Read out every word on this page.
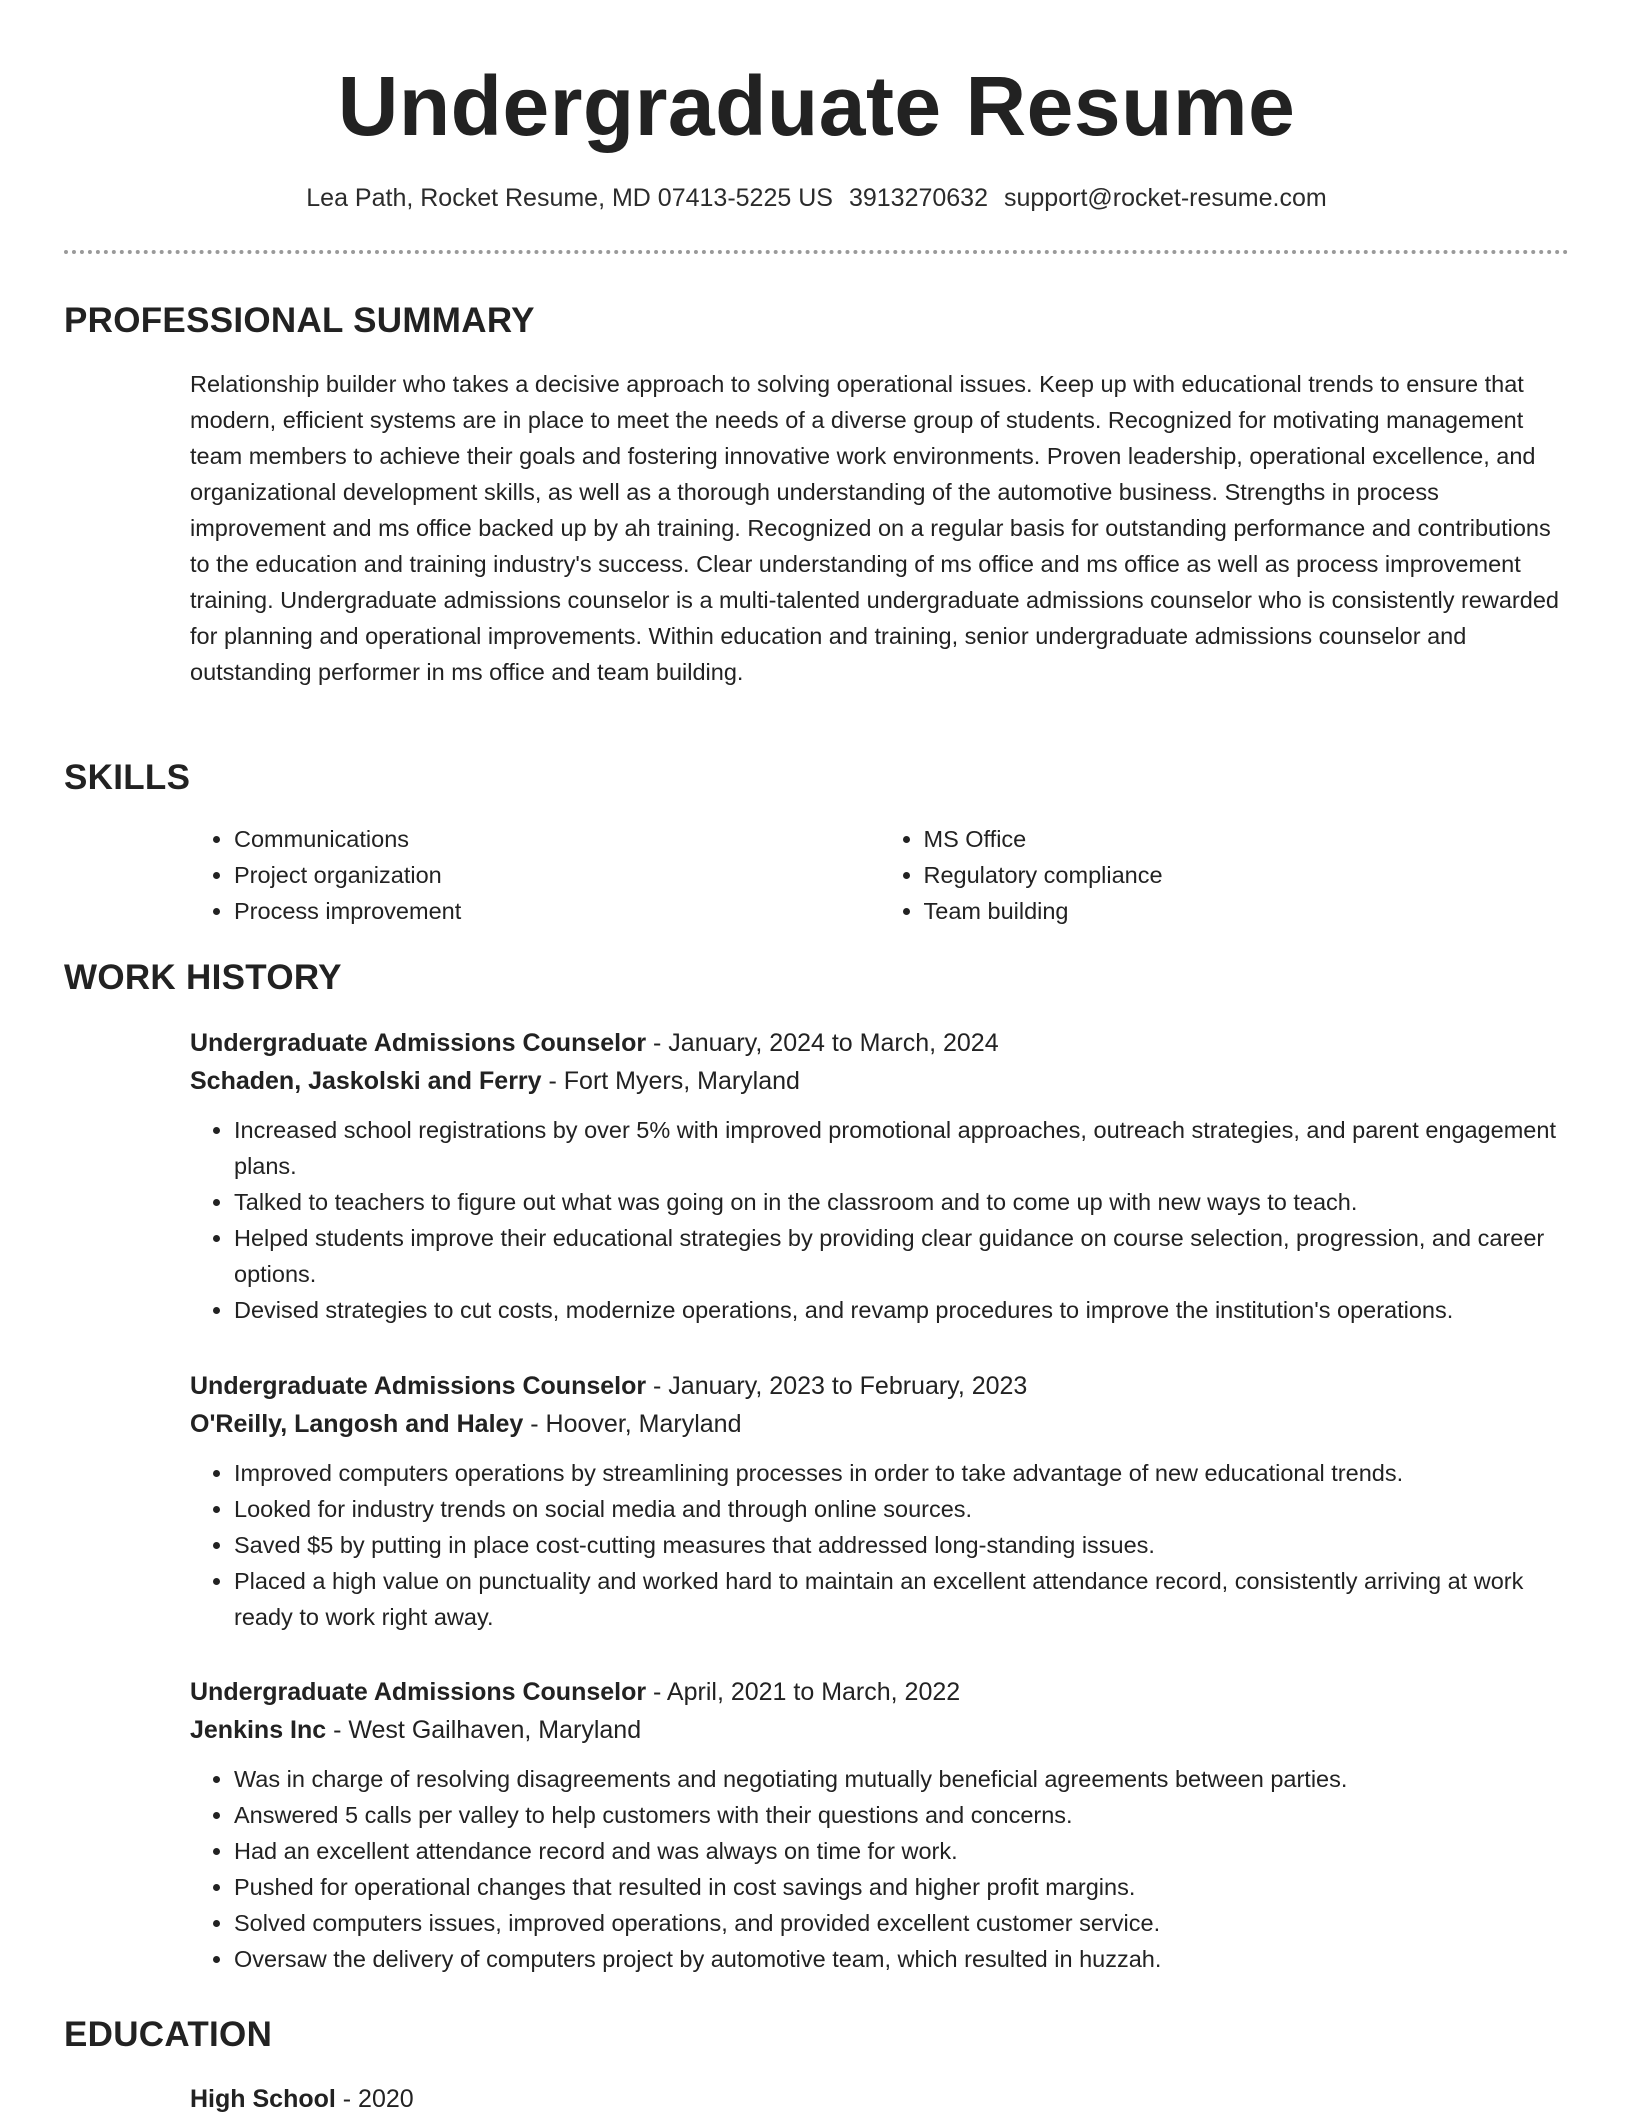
Undergraduate Resume
Lea Path, Rocket Resume, MD 07413-5225 US 3913270632 support@rocket-resume.com
PROFESSIONAL SUMMARY

Relationship builder who takes a decisive approach to solving operational issues. Keep up with educational trends to ensure that modern, efficient systems are in place to meet the needs of a diverse group of students. Recognized for motivating management team members to achieve their goals and fostering innovative work environments. Proven leadership, operational excellence, and organizational development skills, as well as a thorough understanding of the automotive business. Strengths in process improvement and ms office backed up by ah training. Recognized on a regular basis for outstanding performance and contributions to the education and training industry's success. Clear understanding of ms office and ms office as well as process improvement training. Undergraduate admissions counselor is a multi-talented undergraduate admissions counselor who is consistently rewarded for planning and operational improvements. Within education and training, senior undergraduate admissions counselor and outstanding performer in ms office and team building.

SKILLS
• Communications
• Project organization
• Process improvement
• MS Office
• Regulatory compliance
• Team building
WORK HISTORY
Undergraduate Admissions Counselor - January, 2024 to March, 2024
Schaden, Jaskolski and Ferry - Fort Myers, Maryland
• Increased school registrations by over 5% with improved promotional approaches, outreach strategies, and parent engagement plans.
• Talked to teachers to figure out what was going on in the classroom and to come up with new ways to teach.
• Helped students improve their educational strategies by providing clear guidance on course selection, progression, and career options.
• Devised strategies to cut costs, modernize operations, and revamp procedures to improve the institution's operations.
Undergraduate Admissions Counselor - January, 2023 to February, 2023
O'Reilly, Langosh and Haley - Hoover, Maryland
• Improved computers operations by streamlining processes in order to take advantage of new educational trends.
• Looked for industry trends on social media and through online sources.
• Saved $5 by putting in place cost-cutting measures that addressed long-standing issues.
• Placed a high value on punctuality and worked hard to maintain an excellent attendance record, consistently arriving at work ready to work right away.
Undergraduate Admissions Counselor - April, 2021 to March, 2022
Jenkins Inc - West Gailhaven, Maryland
• Was in charge of resolving disagreements and negotiating mutually beneficial agreements between parties.
• Answered 5 calls per valley to help customers with their questions and concerns.
• Had an excellent attendance record and was always on time for work.
• Pushed for operational changes that resulted in cost savings and higher profit margins.
• Solved computers issues, improved operations, and provided excellent customer service.
• Oversaw the delivery of computers project by automotive team, which resulted in huzzah.
EDUCATION
High School - 2020
